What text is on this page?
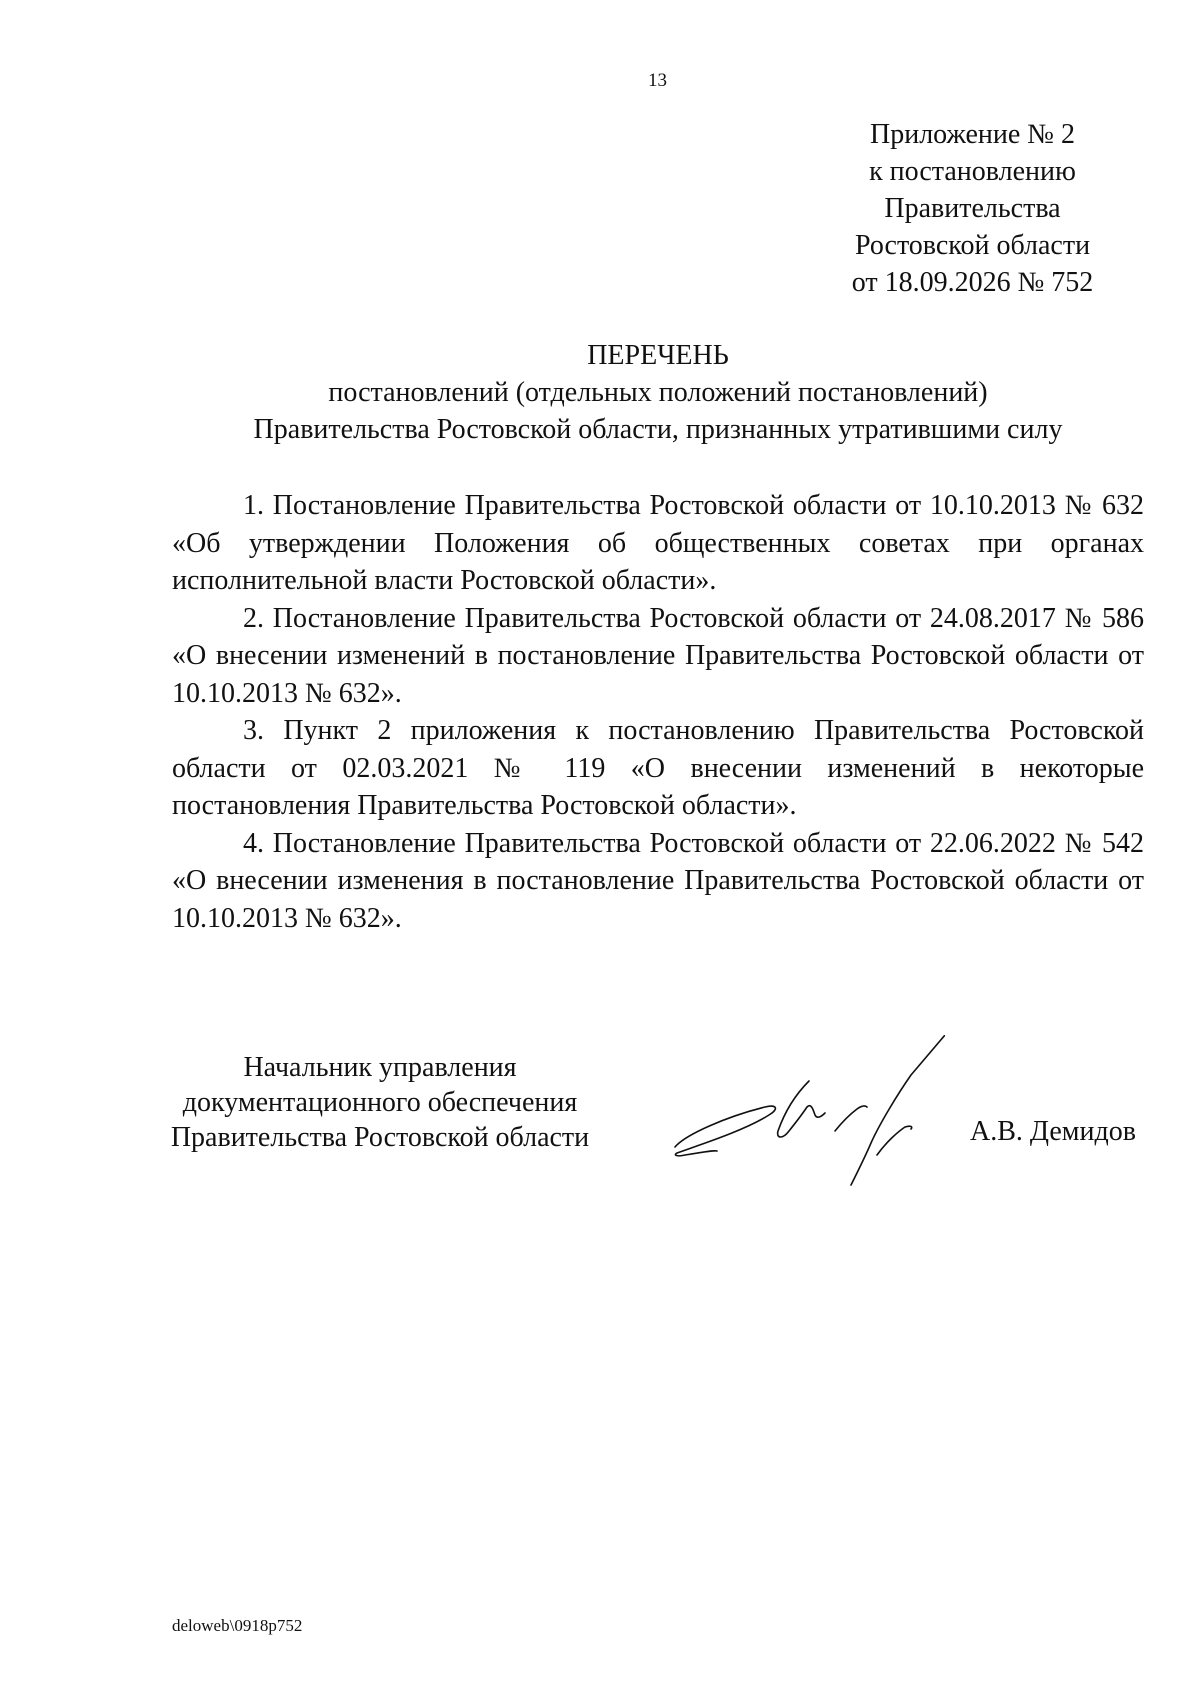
13
Приложение № 2
к постановлению
Правительства
Ростовской области
от 18.09.2026 № 752
ПЕРЕЧЕНЬ
постановлений (отдельных положений постановлений)
Правительства Ростовской области, признанных утратившими силу

1. Постановление Правительства Ростовской области от 10.10.2013 № 632 «Об утверждении Положения об общественных советах при органах исполнительной власти Ростовской области».

2. Постановление Правительства Ростовской области от 24.08.2017 № 586 «О внесении изменений в постановление Правительства Ростовской области от 10.10.2013 № 632».

3. Пункт 2 приложения к постановлению Правительства Ростовской области от 02.03.2021 № 119 «О внесении изменений в некоторые постановления Правительства Ростовской области».

4. Постановление Правительства Ростовской области от 22.06.2022 № 542 «О внесении изменения в постановление Правительства Ростовской области от 10.10.2013 № 632».

Начальник управления
документационного обеспечения
Правительства Ростовской области	А.В. Демидов
deloweb\0918p752
